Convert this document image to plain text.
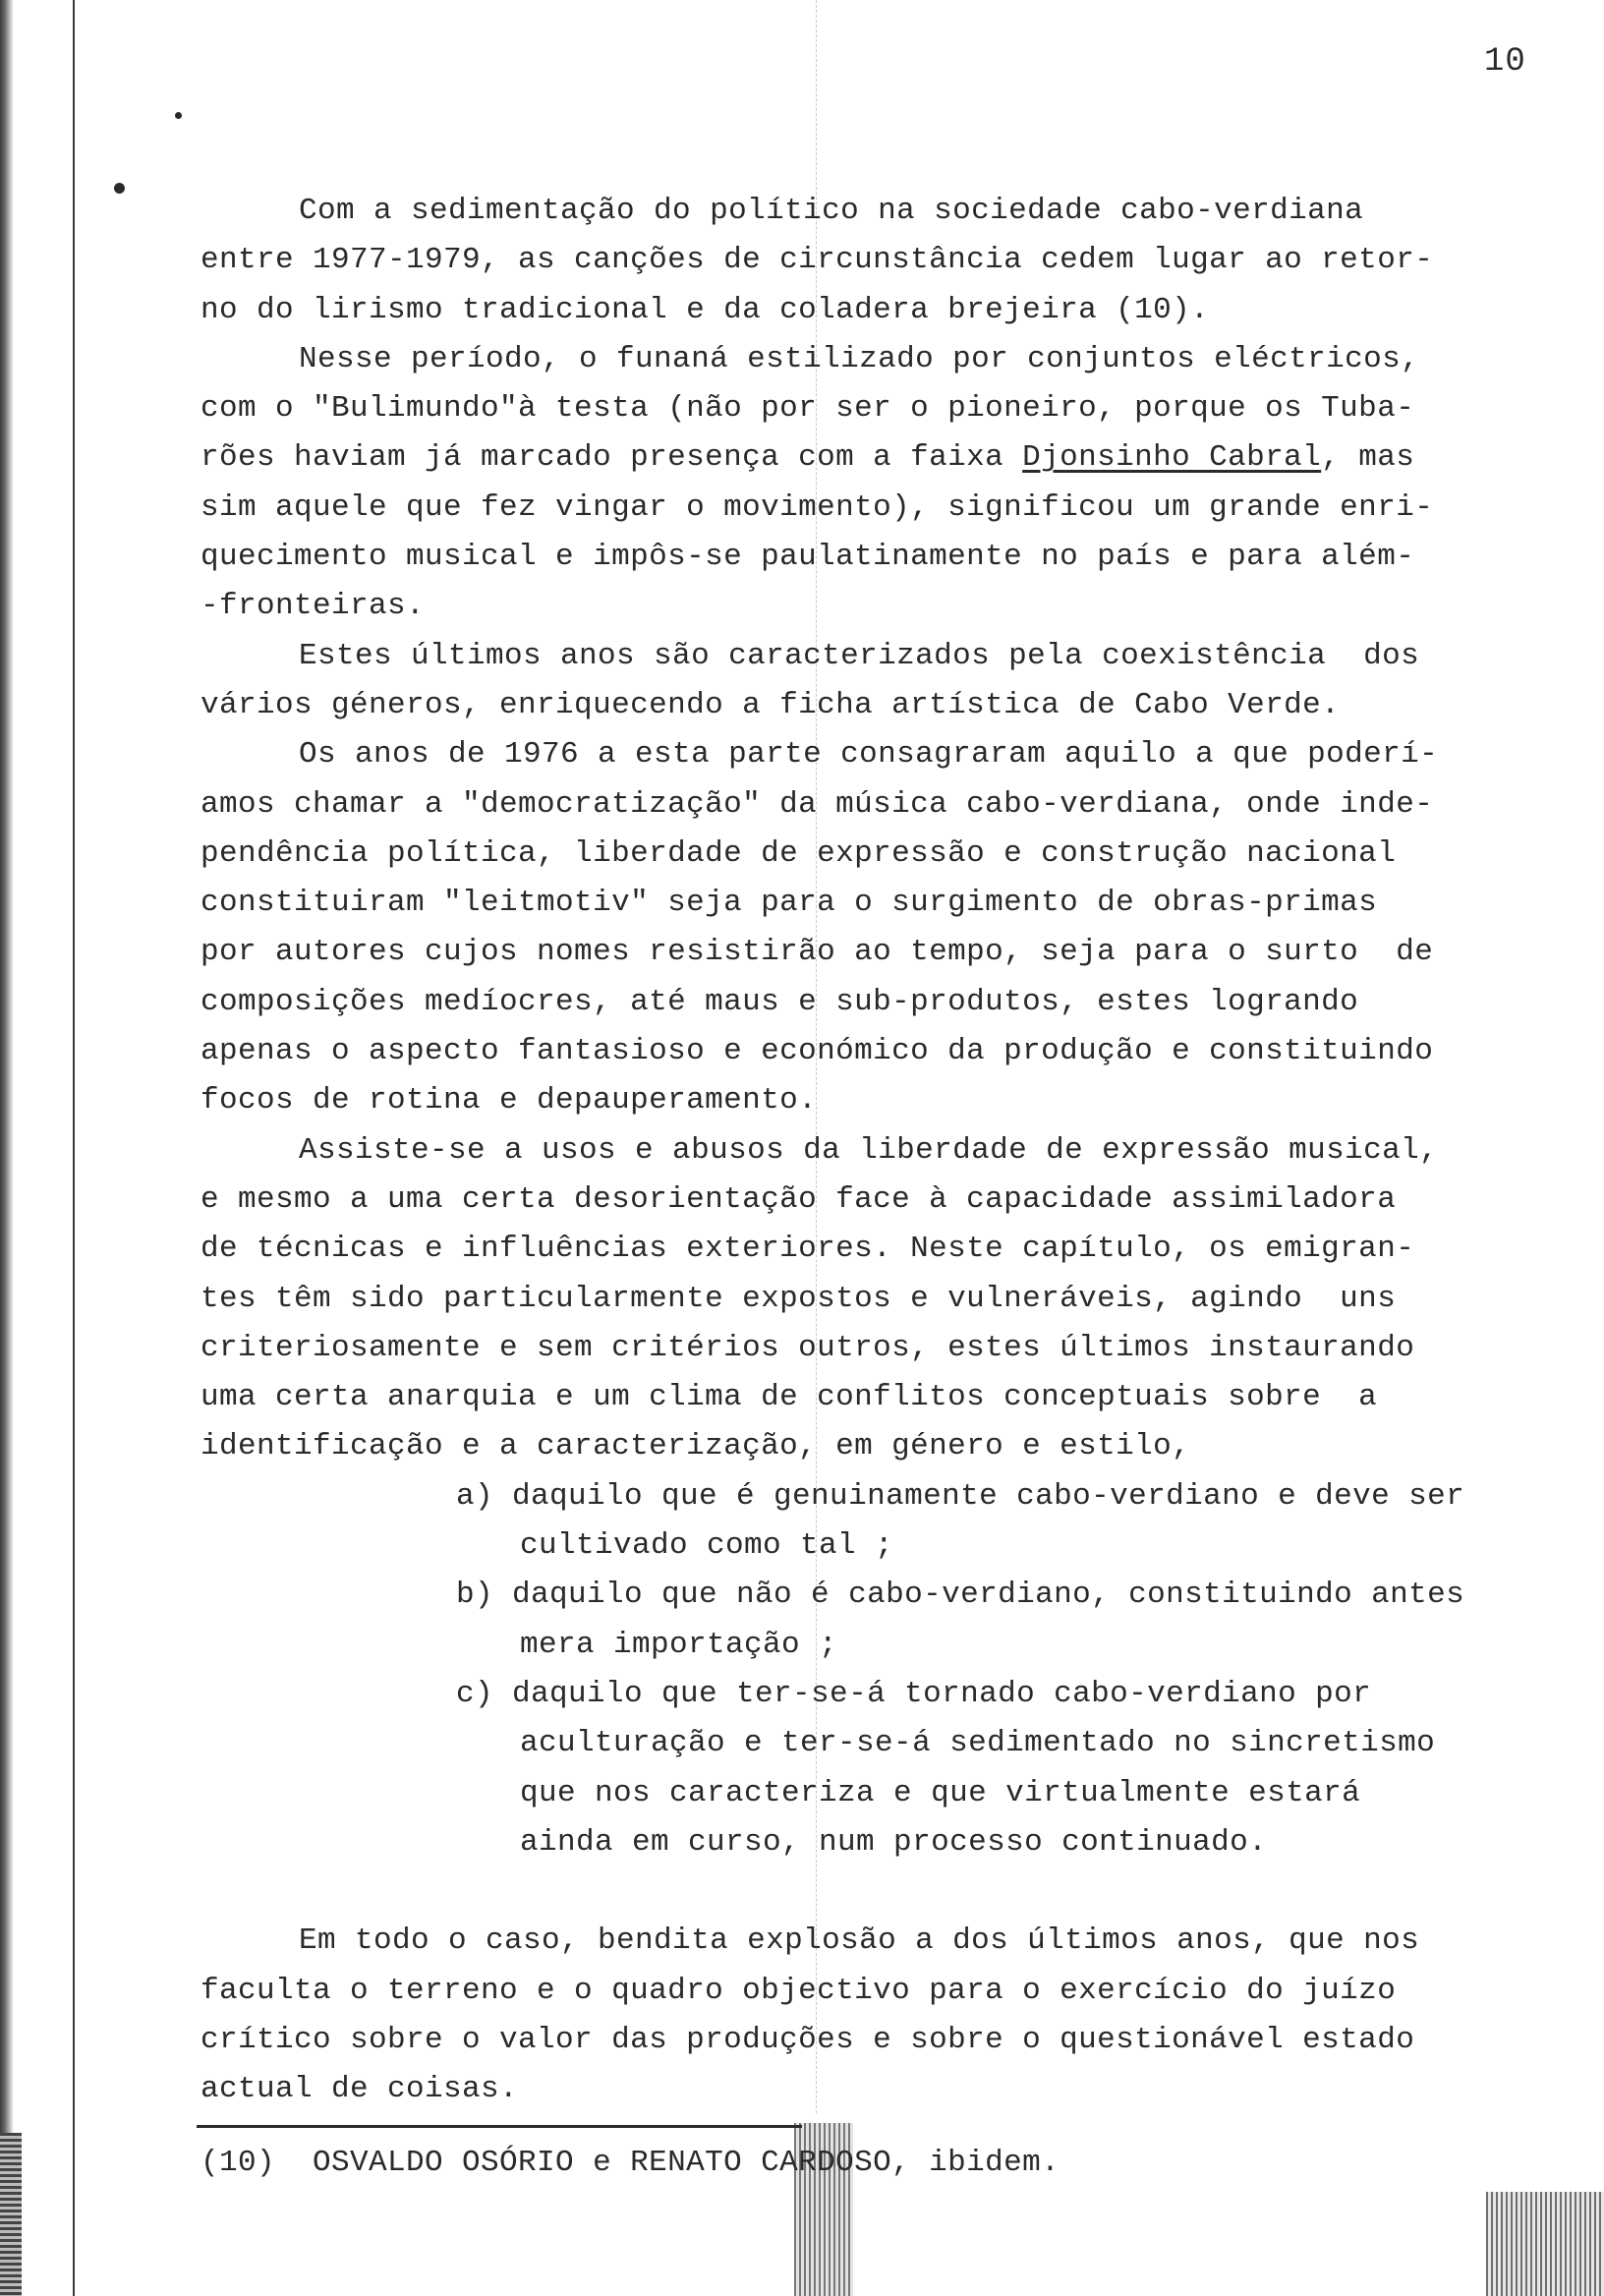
10

Com a sedimentação do político na sociedade cabo-verdiana
entre 1977-1979, as canções de circunstância cedem lugar ao retor-
no do lirismo tradicional e da coladera brejeira (10).
Nesse período, o funaná estilizado por conjuntos eléctricos,
com o "Bulimundo"à testa (não por ser o pioneiro, porque os Tuba-
rões haviam já marcado presença com a faixa Djonsinho Cabral, mas
sim aquele que fez vingar o movimento), significou um grande enri-
quecimento musical e impôs-se paulatinamente no país e para além-
-fronteiras.
Estes últimos anos são caracterizados pela coexistência  dos
vários géneros, enriquecendo a ficha artística de Cabo Verde.
Os anos de 1976 a esta parte consagraram aquilo a que poderí-
amos chamar a "democratização" da música cabo-verdiana, onde inde-
pendência política, liberdade de expressão e construção nacional
constituiram "leitmotiv" seja para o surgimento de obras-primas
por autores cujos nomes resistirão ao tempo, seja para o surto  de
composições medíocres, até maus e sub-produtos, estes logrando
apenas o aspecto fantasioso e económico da produção e constituindo
focos de rotina e depauperamento.
Assiste-se a usos e abusos da liberdade de expressão musical,
e mesmo a uma certa desorientação face à capacidade assimiladora
de técnicas e influências exteriores. Neste capítulo, os emigran-
tes têm sido particularmente expostos e vulneráveis, agindo  uns
criteriosamente e sem critérios outros, estes últimos instaurando
uma certa anarquia e um clima de conflitos conceptuais sobre  a
identificação e a caracterização, em género e estilo,
a) daquilo que é genuinamente cabo-verdiano e deve ser
cultivado como tal ;
b) daquilo que não é cabo-verdiano, constituindo antes
mera importação ;
c) daquilo que ter-se-á tornado cabo-verdiano por
aculturação e ter-se-á sedimentado no sincretismo
que nos caracteriza e que virtualmente estará
ainda em curso, num processo continuado.
Em todo o caso, bendita explosão a dos últimos anos, que nos
faculta o terreno e o quadro objectivo para o exercício do juízo
crítico sobre o valor das produções e sobre o questionável estado
actual de coisas.

(10)  OSVALDO OSÓRIO e RENATO CARDOSO, ibidem.
